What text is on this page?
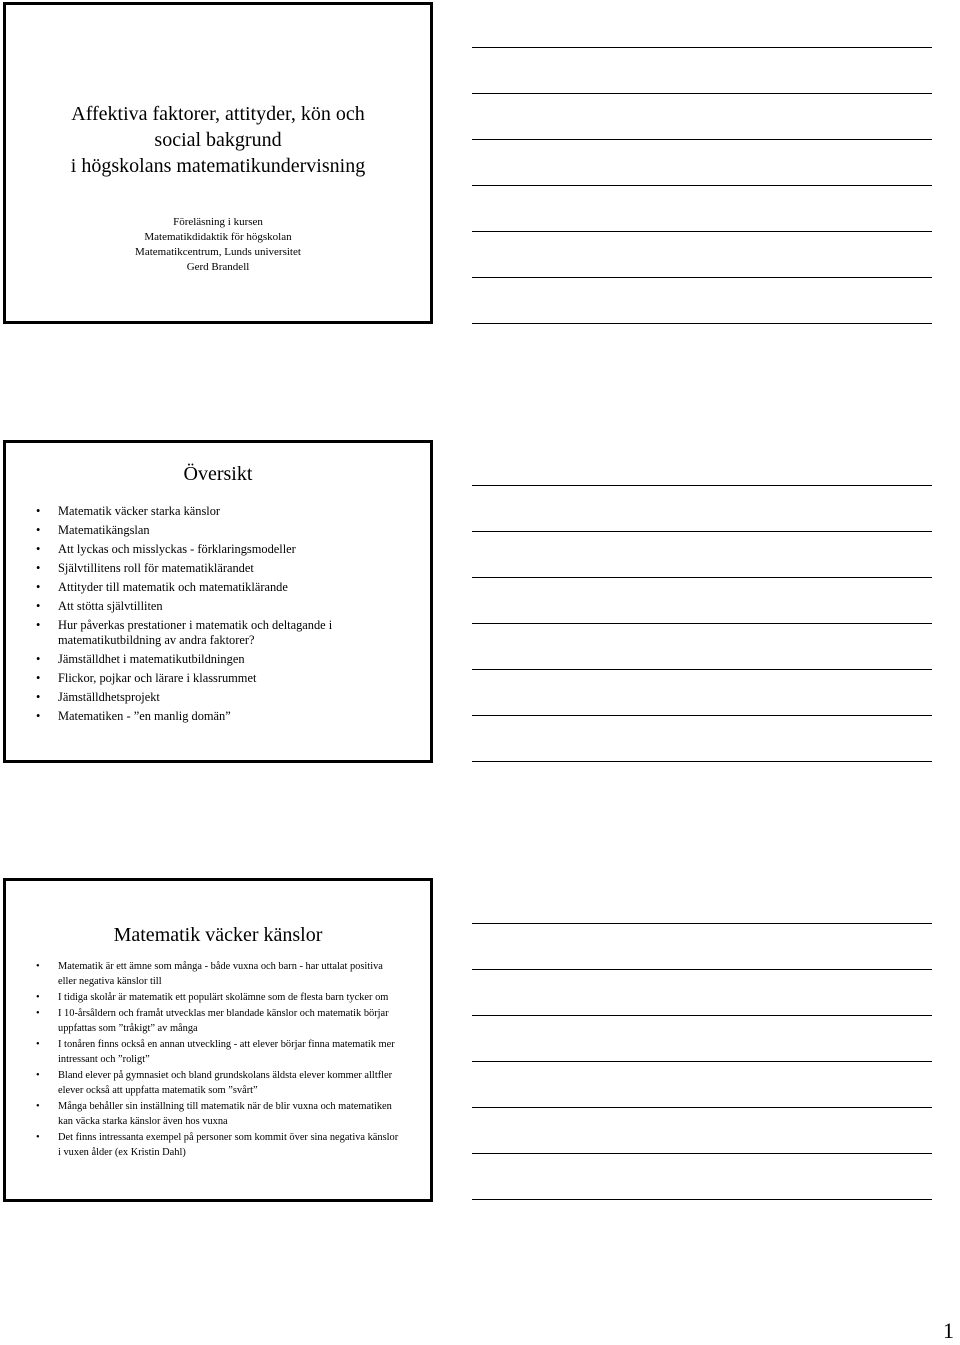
Affektiva faktorer, attityder, kön och
social bakgrund
i högskolans matematikundervisning
Föreläsning i kursen
Matematikdidaktik för högskolan
Matematikcentrum, Lunds universitet
Gerd Brandell
Översikt
• Matematik väcker starka känslor
• Matematikängslan
• Att lyckas och misslyckas - förklaringsmodeller
• Självtillitens roll för matematiklärandet
• Attityder till matematik och matematiklärande
• Att stötta självtilliten
• Hur påverkas prestationer i matematik och deltagande i matematikutbildning av andra faktorer?
• Jämställdhet i matematikutbildningen
• Flickor, pojkar och lärare i klassrummet
• Jämställdhetsprojekt
• Matematiken - ”en manlig domän”
Matematik väcker känslor
• Matematik är ett ämne som många - både vuxna och barn - har uttalat positiva eller negativa känslor till
• I tidiga skolår är matematik ett populärt skolämne som de flesta barn tycker om
• I 10-årsåldern och framåt utvecklas mer blandade känslor och matematik börjar uppfattas som ”tråkigt” av många
• I tonåren finns också en annan utveckling - att elever börjar finna matematik mer intressant och ”roligt”
• Bland elever på gymnasiet och bland grundskolans äldsta elever kommer alltfler elever också att uppfatta matematik som ”svårt”
• Många behåller sin inställning till matematik när de blir vuxna och matematiken kan väcka starka känslor även hos vuxna
• Det finns intressanta exempel på personer som kommit över sina negativa känslor i vuxen ålder (ex Kristin Dahl)
1
